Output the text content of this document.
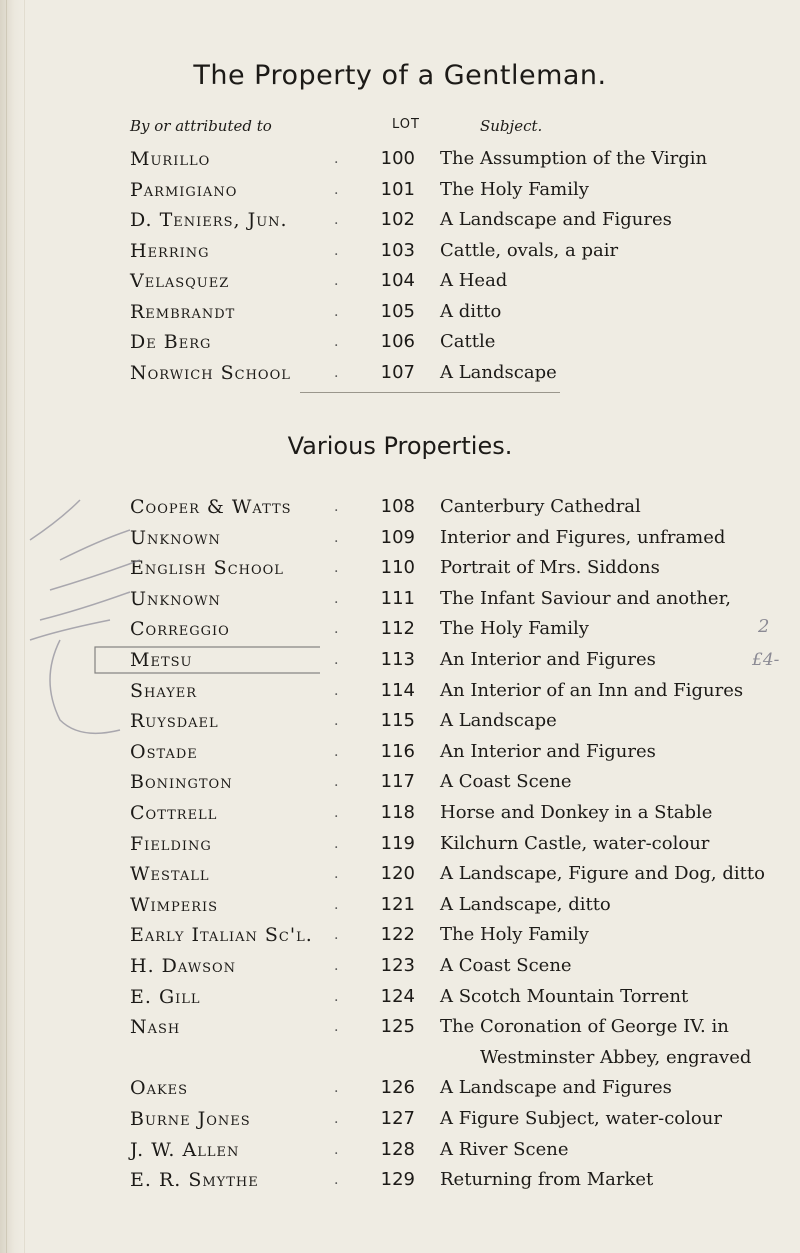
The Property of a Gentleman.
By or attributed to	LOT	Subject.
Murillo	.	100 The Assumption of the Virgin
Parmigiano	.	101 The Holy Family
D. Teniers, Jun.	.	102 A Landscape and Figures
Herring	.	103 Cattle, ovals, a pair
Velasquez	.	104 A Head
Rembrandt	.	105 A ditto
De Berg	.	106 Cattle
Norwich School	.	107 A Landscape
Various Properties.
Cooper & Watts	.	108 Canterbury Cathedral
Unknown	.	109 Interior and Figures, unframed
English School	.	110 Portrait of Mrs. Siddons
Unknown	.	111 The Infant Saviour and another,
Correggio	.	112 The Holy Family
Metsu	.	113 An Interior and Figures
Shayer	.	114 An Interior of an Inn and Figures
Ruysdael	.	115 A Landscape
Ostade	.	116 An Interior and Figures
Bonington	.	117 A Coast Scene
Cottrell	.	118 Horse and Donkey in a Stable
Fielding	.	119 Kilchurn Castle, water-colour
Westall	.	120 A Landscape, Figure and Dog, ditto
Wimperis	.	121 A Landscape, ditto
Early Italian Sc'l. .	122 The Holy Family
H. Dawson	.	123 A Coast Scene
E. Gill	.	124 A Scotch Mountain Torrent
Nash	.	125 The Coronation of George IV. in
Westminster Abbey, engraved
Oakes	.	126 A Landscape and Figures
Burne Jones	.	127 A Figure Subject, water-colour
J. W. Allen	.	128 A River Scene
E. R. Smythe	.	129 Returning from Market
£4-
2
